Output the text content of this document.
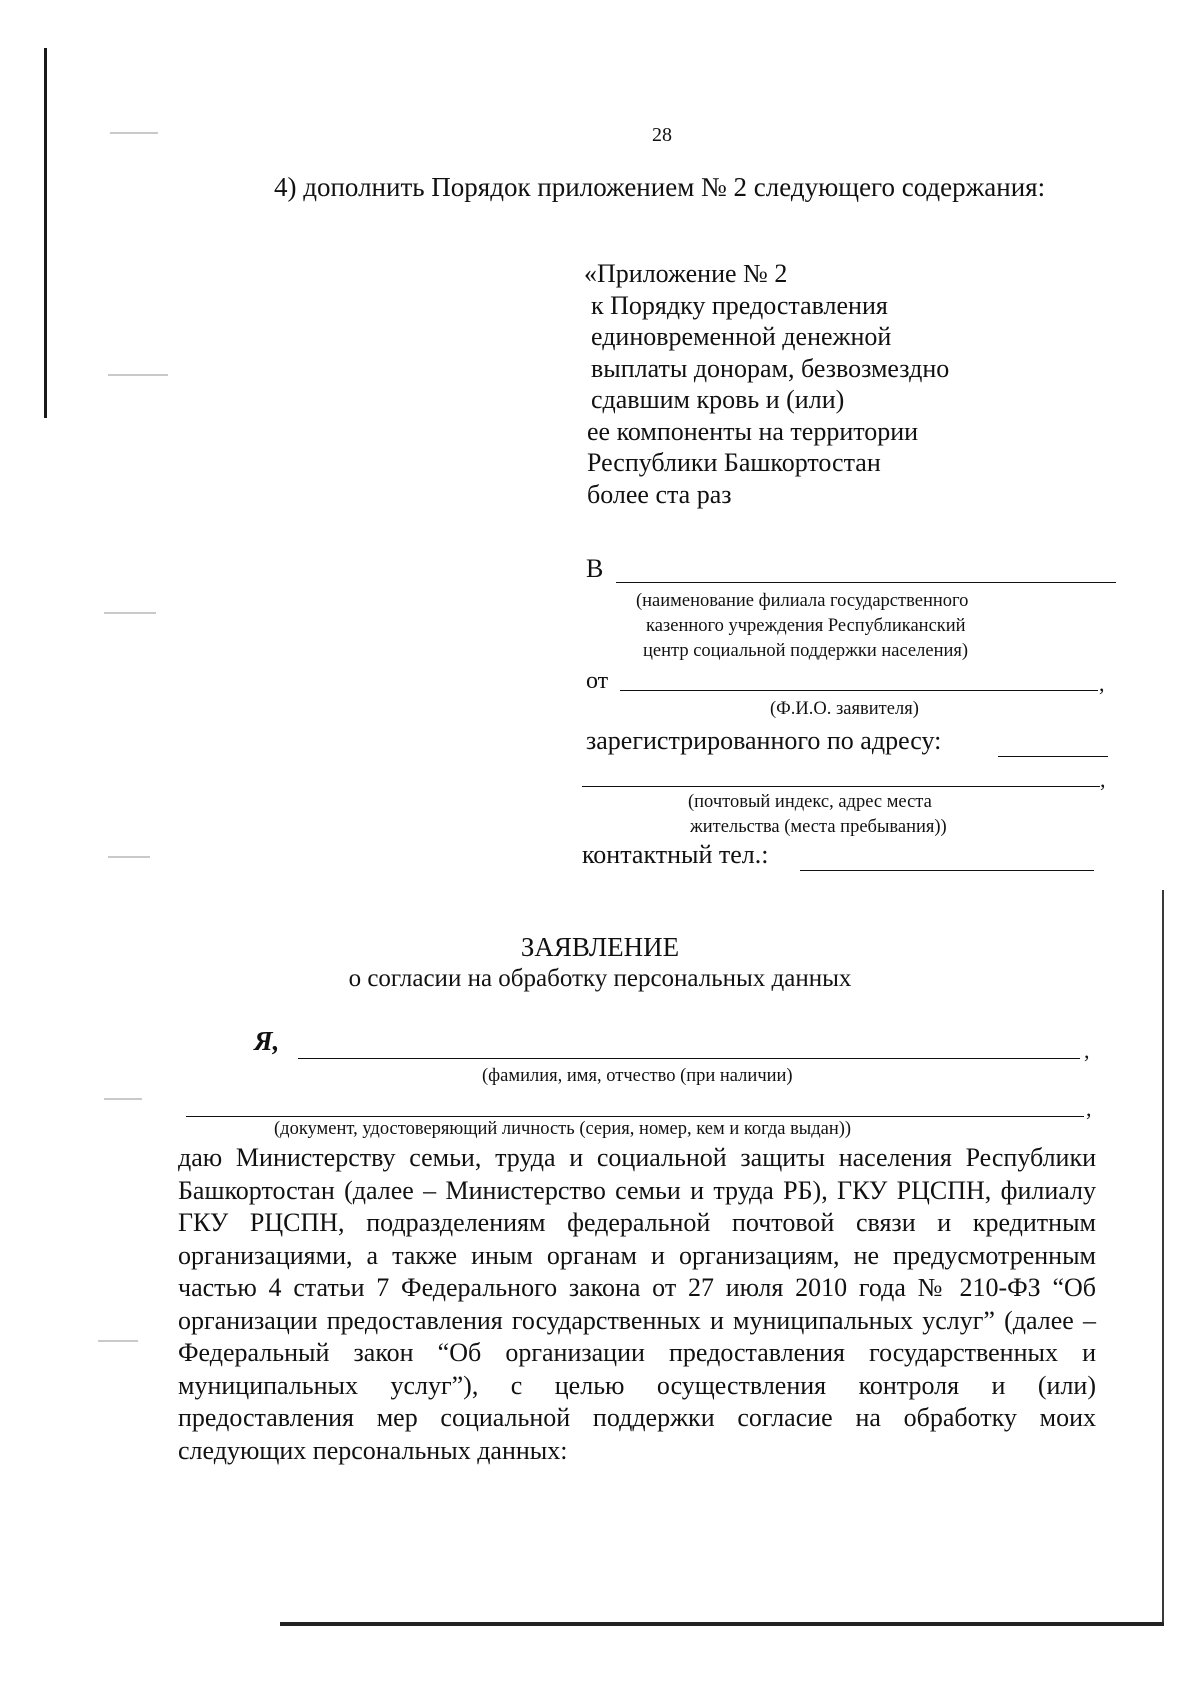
28
4) дополнить Порядок приложением № 2 следующего содержания:
«Приложение № 2
к Порядку предоставления
единовременной денежной
выплаты донорам, безвозмездно
сдавшим кровь и (или)
ее компоненты на территории
Республики Башкортостан
более ста раз
В
(наименование филиала государственного
казенного учреждения Республиканский
центр социальной поддержки населения)
от	,
(Ф.И.О. заявителя)
зарегистрированного по адресу:
,
(почтовый индекс, адрес места
жительства (места пребывания))
контактный тел.:
ЗАЯВЛЕНИЕ
о согласии на обработку персональных данных
Я,	,
(фамилия, имя, отчество (при наличии)
,
(документ, удостоверяющий личность (серия, номер, кем и когда выдан))
даю Министерству семьи, труда и социальной защиты населения Республики Башкортостан (далее – Министерство семьи и труда РБ), ГКУ РЦСПН, филиалу ГКУ РЦСПН, подразделениям федеральной почтовой связи и кредитным организациями, а также иным органам и организациям, не предусмотренным частью 4 статьи 7 Федерального закона от 27 июля 2010 года № 210-ФЗ “Об организации предоставления государственных и муниципальных услуг” (далее – Федеральный закон “Об организации предоставления государственных и муниципальных услуг”), с целью осуществления контроля и (или) предоставления мер социальной поддержки согласие на обработку моих следующих персональных данных:
